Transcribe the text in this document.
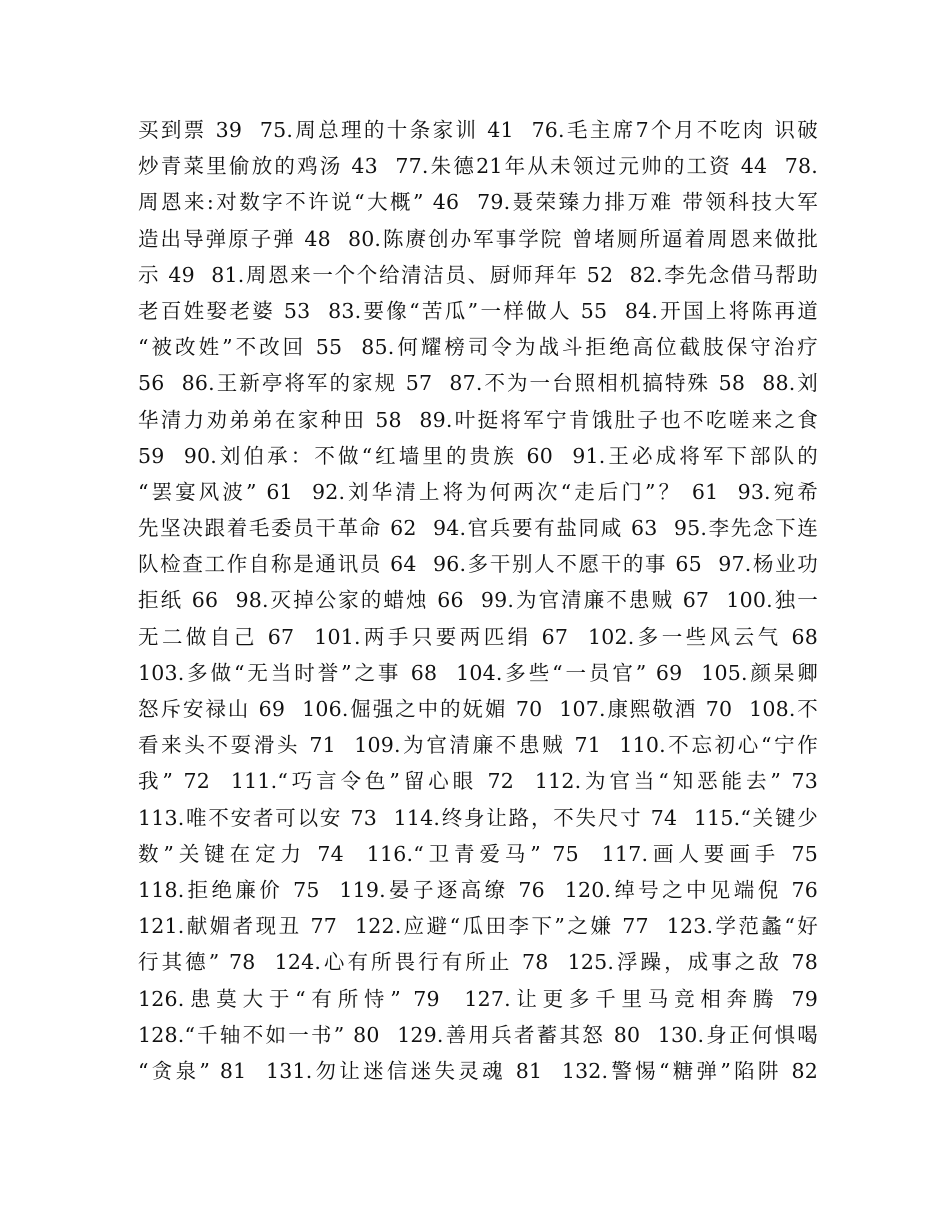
买到票 39  75.周总理的十条家训 41  76.毛主席7个月不吃肉 识破
炒青菜里偷放的鸡汤 43  77.朱德21年从未领过元帅的工资 44  78.
周恩来:对数字不许说“大概” 46  79.聂荣臻力排万难 带领科技大军
造出导弹原子弹 48  80.陈赓创办军事学院 曾堵厕所逼着周恩来做批
示 49  81.周恩来一个个给清洁员、厨师拜年 52  82.李先念借马帮助
老百姓娶老婆 53  83.要像“苦瓜”一样做人 55  84.开国上将陈再道
“被改姓”不改回 55  85.何耀榜司令为战斗拒绝高位截肢保守治疗
56  86.王新亭将军的家规 57  87.不为一台照相机搞特殊 58  88.刘
华清力劝弟弟在家种田 58  89.叶挺将军宁肯饿肚子也不吃嗟来之食
59  90.刘伯承：不做“红墙里的贵族 60  91.王必成将军下部队的
“罢宴风波” 61  92.刘华清上将为何两次“走后门”？ 61  93.宛希
先坚决跟着毛委员干革命 62  94.官兵要有盐同咸 63  95.李先念下连
队检查工作自称是通讯员 64  96.多干别人不愿干的事 65  97.杨业功
拒纸 66  98.灭掉公家的蜡烛 66  99.为官清廉不患贼 67  100.独一
无二做自己 67  101.两手只要两匹绢 67  102.多一些风云气 68
103.多做“无当时誉”之事 68  104.多些“一员官” 69  105.颜杲卿
怒斥安禄山 69  106.倔强之中的妩媚 70  107.康熙敬酒 70  108.不
看来头不耍滑头 71  109.为官清廉不患贼 71  110.不忘初心“宁作
我” 72  111.“巧言令色”留心眼 72  112.为官当“知恶能去” 73
113.唯不安者可以安 73  114.终身让路，不失尺寸 74  115.“关键少
数”关键在定力 74  116.“卫青爱马” 75  117.画人要画手 75
118.拒绝廉价 75  119.晏子逐高缭 76  120.绰号之中见端倪 76
121.献媚者现丑 77  122.应避“瓜田李下”之嫌 77  123.学范蠡“好
行其德” 78  124.心有所畏行有所止 78  125.浮躁，成事之敌 78
126.患莫大于“有所恃” 79  127.让更多千里马竞相奔腾 79
128.“千轴不如一书” 80  129.善用兵者蓄其怒 80  130.身正何惧喝
“贪泉” 81  131.勿让迷信迷失灵魂 81  132.警惕“糖弹”陷阱 82
